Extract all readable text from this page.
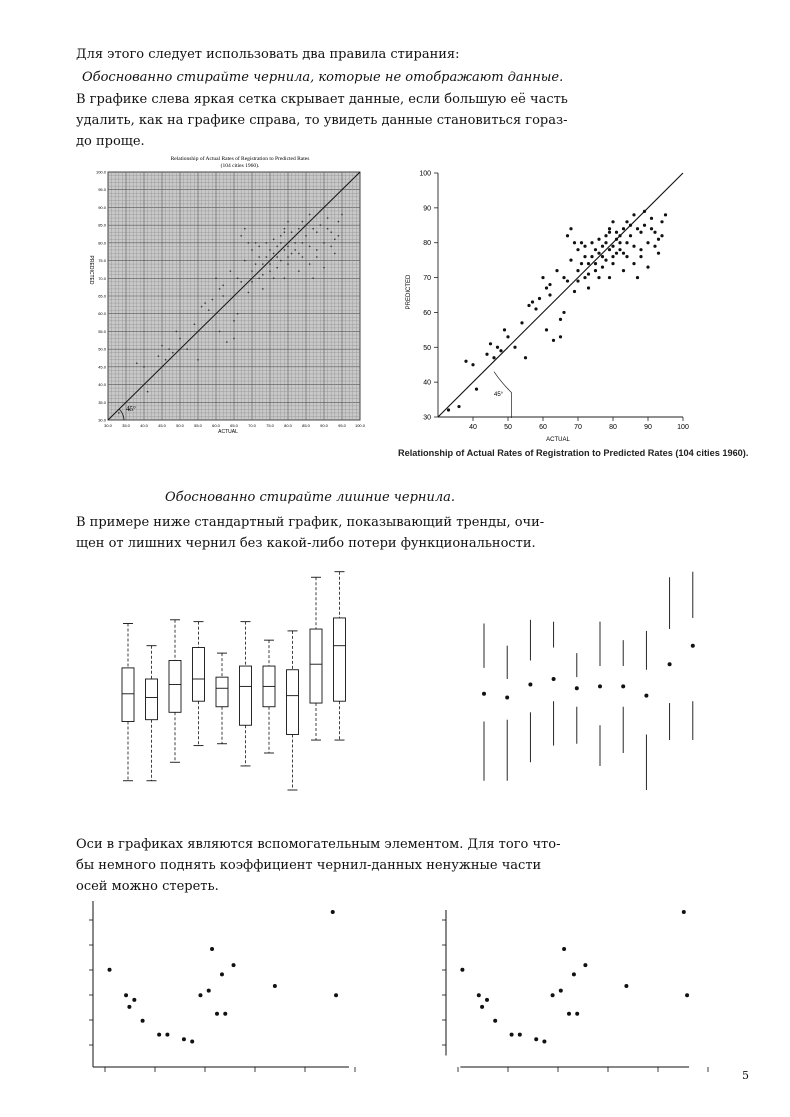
Для этого следует использовать два правила стирания:
Обоснованно стирайте чернила, которые не отображают данные.
В графике слева яркая сетка скрывает данные, если большую её часть
удалить, как на графике справа, то увидеть данные становиться горaз-
до проще.
Relationship of Actual Rates of Registration to Predicted Rates
(104 cities 1960).
30.0	35.0	40.0	45.0	50.0	55.0	60.0	65.0	70.0	75.0	80.0	85.0	90.0	95.0 100.0
100.0
95.0
90.0
85.0
80.0
75.0
70.0
65.0
60.0
55.0
50.0
45.0
40.0
35.0
30.0
ACTUAL
PREDICTED
45°
30
40
50
60
70
80
90
100
40	50	60	70	80	90	100
ACTUAL
PREDICTED
45°
Relationship of Actual Rates of Registration to Predicted Rates (104 cities 1960).
Обоснованно стирайте лишние чернила.
В примере ниже стандартный график, показывающий тренды, очи-
щен от лишних чернил без какой-либо потери функциональности.
Оси в графиках являются вспомогательным элементом. Для того что-
бы немного поднять коэффициент чернил-данных ненужные части
осей можно стереть.
5
